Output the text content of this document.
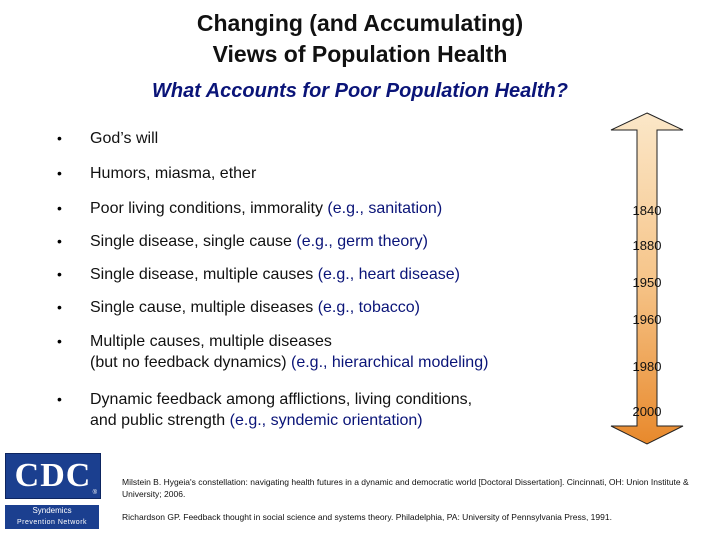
Changing (and Accumulating)
Views of Population Health
What Accounts for Poor Population Health?
• God’s will
• Humors, miasma, ether
• Poor living conditions, immorality (e.g., sanitation)
• Single disease, single cause (e.g., germ theory)
• Single disease, multiple causes (e.g., heart disease)
• Single cause, multiple diseases (e.g., tobacco)
• Multiple causes, multiple diseases
(but no feedback dynamics) (e.g., hierarchical modeling)
• Dynamic feedback among afflictions, living conditions,
and public strength (e.g., syndemic orientation)
1840
1880
1950
1960
1980
2000
CDC ®
Syndemics
Prevention Network
Milstein B. Hygeia's constellation: navigating health futures in a dynamic and democratic world [Doctoral Dissertation]. Cincinnati, OH: Union Institute & University; 2006.
Richardson GP. Feedback thought in social science and systems theory. Philadelphia, PA: University of Pennsylvania Press, 1991.
